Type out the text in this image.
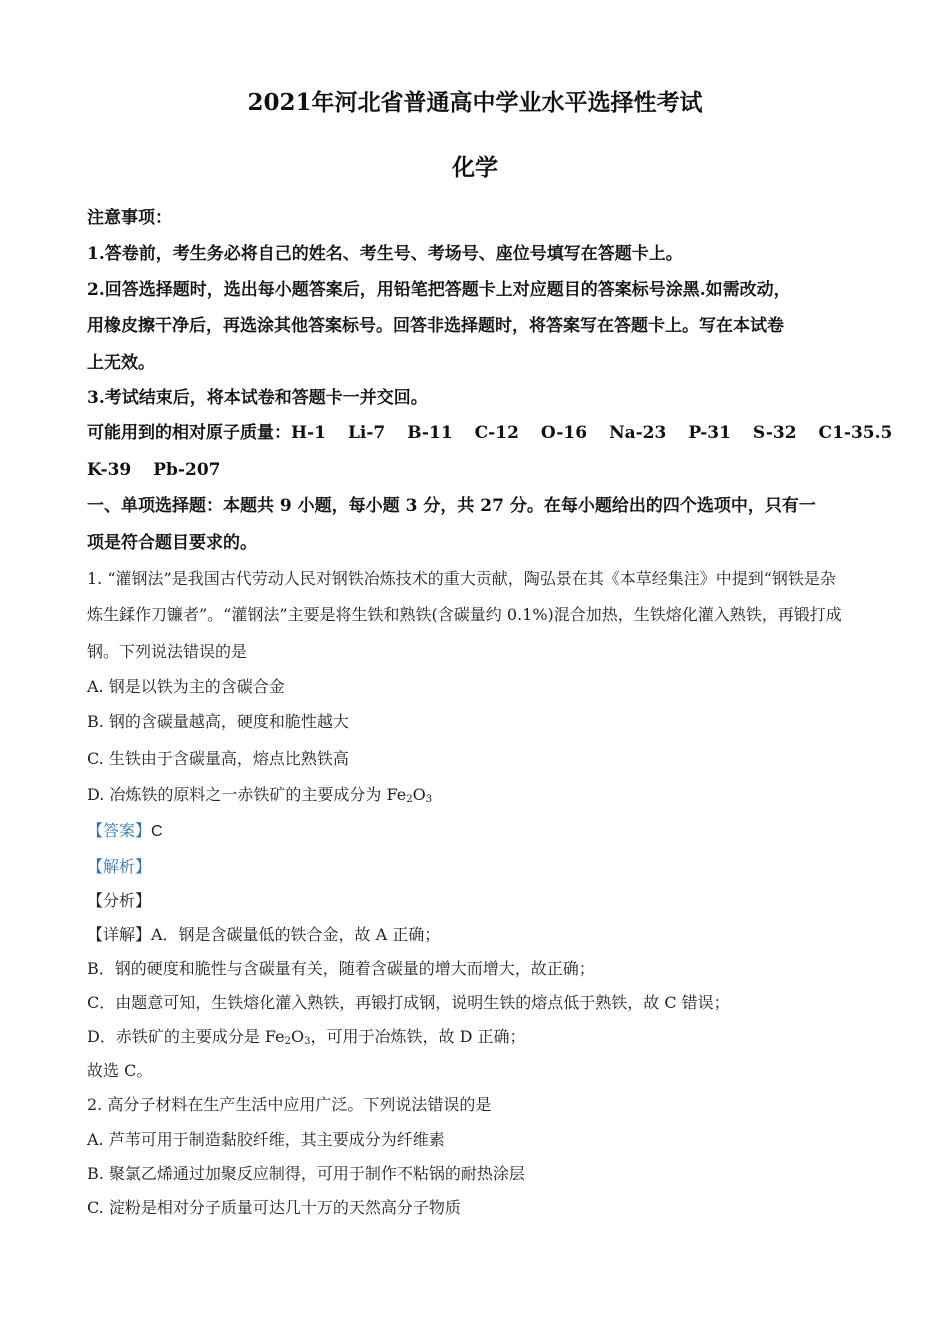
2021年河北省普通高中学业水平选择性考试
化学
注意事项：
1.答卷前，考生务必将自己的姓名、考生号、考场号、座位号填写在答题卡上。
2.回答选择题时，选出每小题答案后，用铅笔把答题卡上对应题目的答案标号涂黑.如需改动，
用橡皮擦干净后，再选涂其他答案标号。回答非选择题时，将答案写在答题卡上。写在本试卷
上无效。
3.考试结束后，将本试卷和答题卡一并交回。
可能用到的相对原子质量：H-1 Li-7 B-11 C-12 O-16 Na-23 P-31 S-32 C1-35.5
K-39 Pb-207
一、单项选择题：本题共 9 小题，每小题 3 分，共 27 分。在每小题给出的四个选项中，只有一
项是符合题目要求的。
1. “灌钢法”是我国古代劳动人民对钢铁冶炼技术的重大贡献，陶弘景在其《本草经集注》中提到“钢铁是杂
炼生鍒作刀镰者”。“灌钢法”主要是将生铁和熟铁(含碳量约 0.1%)混合加热，生铁熔化灌入熟铁，再锻打成
钢。下列说法错误的是
A. 钢是以铁为主的含碳合金
B. 钢的含碳量越高，硬度和脆性越大
C. 生铁由于含碳量高，熔点比熟铁高
D. 冶炼铁的原料之一赤铁矿的主要成分为 $Fe_2O_3$
【答案】C
【解析】
【分析】
【详解】A．钢是含碳量低的铁合金，故 A 正确；
B．钢的硬度和脆性与含碳量有关，随着含碳量的增大而增大，故正确；
C．由题意可知，生铁熔化灌入熟铁，再锻打成钢，说明生铁的熔点低于熟铁，故 C 错误；
D．赤铁矿的主要成分是 $Fe_2O_3$，可用于冶炼铁，故 D 正确；
故选 C。
2. 高分子材料在生产生活中应用广泛。下列说法错误的是
A. 芦苇可用于制造黏胶纤维，其主要成分为纤维素
B. 聚氯乙烯通过加聚反应制得，可用于制作不粘锅的耐热涂层
C. 淀粉是相对分子质量可达几十万的天然高分子物质
